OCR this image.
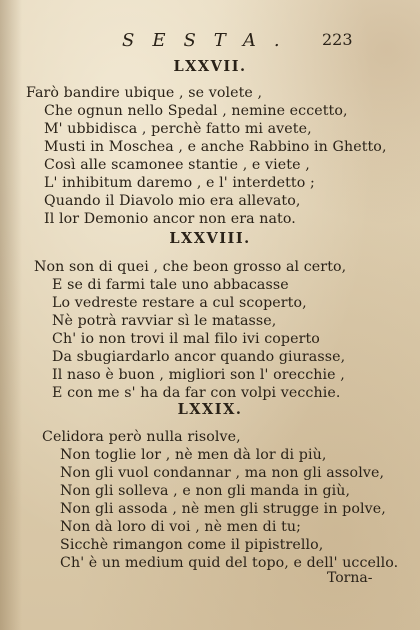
SESTA. 223
LXXVII.
Farò bandire ubique , se volete ,
Che ognun nello Spedal , nemine eccetto,
M' ubbidisca , perchè fatto mi avete,
Musti in Moschea , e anche Rabbino in Ghetto,
Così alle scamonee stantie , e viete ,
L' inhibitum daremo , e l' interdetto ;
Quando il Diavolo mio era allevato,
Il lor Demonio ancor non era nato.
LXXVIII.
Non son di quei , che beon grosso al certo,
E se di farmi tale uno abbacasse
Lo vedreste restare a cul scoperto,
Nè potrà ravviar sì le matasse,
Ch' io non trovi il mal filo ivi coperto
Da sbugiardarlo ancor quando giurasse,
Il naso è buon , migliori son l' orecchie ,
E con me s' ha da far con volpi vecchie.
LXXIX.
Celidora però nulla risolve,
Non toglie lor , nè men dà lor di più,
Non gli vuol condannar , ma non gli assolve,
Non gli solleva , e non gli manda in giù,
Non gli assoda , nè men gli strugge in polve,
Non dà loro di voi , nè men di tu;
Sicchè rimangon come il pipistrello,
Ch' è un medium quid del topo, e dell' uccello.
Torna-
